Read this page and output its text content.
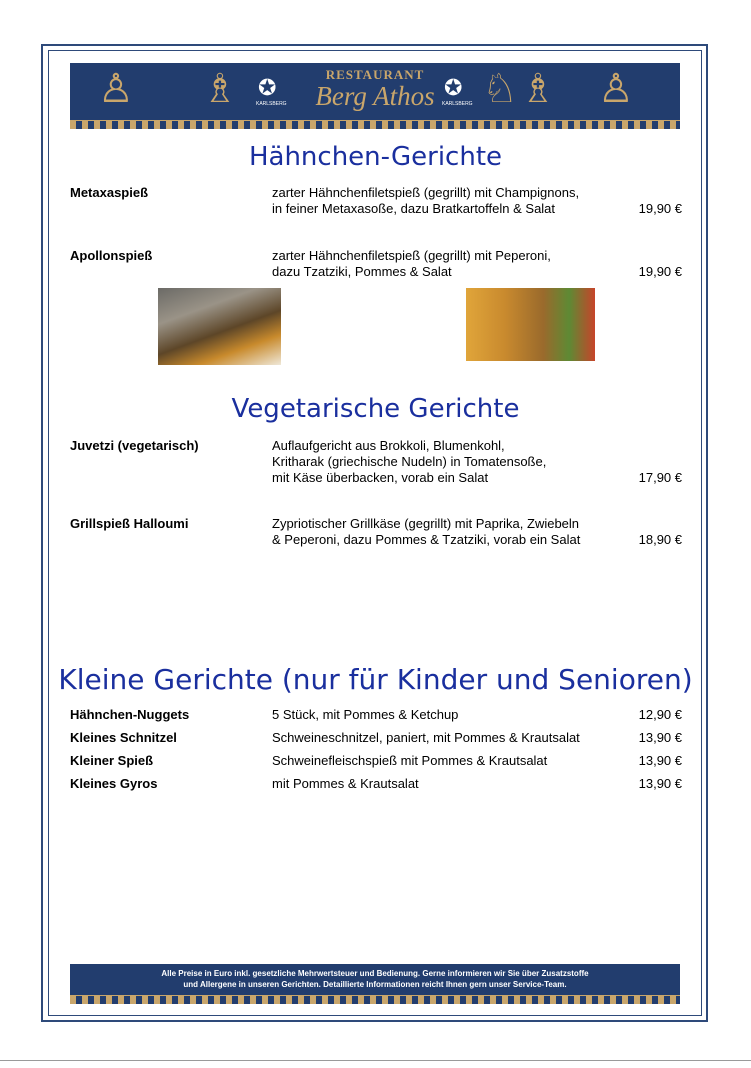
♙ ♗ ✪
KARLSBERG
RESTAURANT
Berg Athos ✪
KARLSBERG ♘ ♗ ♙
Hähnchen-Gerichte
Metaxaspieß	zarter Hähnchenfiletspieß (gegrillt) mit Champignons,
in feiner Metaxasoße, dazu Bratkartoffeln & Salat	19,90 €
Apollonspieß	zarter Hähnchenfiletspieß (gegrillt) mit Peperoni,
dazu Tzatziki, Pommes & Salat	19,90 €
Vegetarische Gerichte
Juvetzi (vegetarisch)	Auflaufgericht aus Brokkoli, Blumenkohl,
Kritharak (griechische Nudeln) in Tomatensoße,
mit Käse überbacken, vorab ein Salat	17,90 €
Grillspieß Halloumi	Zypriotischer Grillkäse (gegrillt) mit Paprika, Zwiebeln
& Peperoni, dazu Pommes & Tzatziki, vorab ein Salat	18,90 €
Kleine Gerichte (nur für Kinder und Senioren)
Hähnchen-Nuggets	5 Stück, mit Pommes & Ketchup	12,90 €
Kleines Schnitzel	Schweineschnitzel, paniert, mit Pommes & Krautsalat	13,90 €
Kleiner Spieß	Schweinefleischspieß mit Pommes & Krautsalat	13,90 €
Kleines Gyros	mit Pommes & Krautsalat	13,90 €
Alle Preise in Euro inkl. gesetzliche Mehrwertsteuer und Bedienung. Gerne informieren wir Sie über Zusatzstoffe
und Allergene in unseren Gerichten. Detaillierte Informationen reicht Ihnen gern unser Service-Team.
